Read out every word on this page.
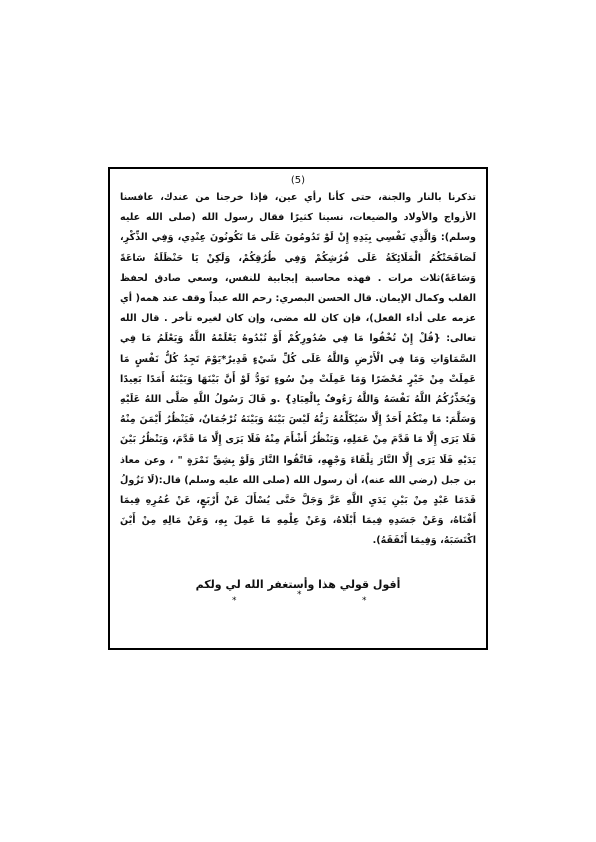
(5)

تذكرنا بالنار والجنة، حتى كأنا رأي عين، فإذا خرجنا من عندك، عافسنا الأزواج والأولاد والضيعات، نسينا كثيرًا فقال رسول الله (صلى الله عليه وسلم): وَالَّذِي نَفْسِي بِيَدِهِ إِنْ لَوْ تَدُومُونَ عَلَى مَا تَكُونُونَ عِنْدِي، وَفِي الذِّكْرِ، لَصَافَحَتْكُمُ الْمَلَائِكَةُ عَلَى فُرُشِكُمْ وَفِي طُرُقِكُمْ، وَلَكِنْ يَا حَنْظَلَةُ سَاعَةً وَسَاعَةً)ثلاث مرات . فهذه محاسبة إيجابية للنفس، وسعي صادق لحفظ القلب وكمال الإيمان. قال الحسن البصري: رحم الله عبداً وقف عند همه( أي عزمه على أداء الفعل)، فإن كان لله مضى، وإن كان لغيره تأخر . قال الله تعالى: {قُلْ إِنْ تُخْفُوا مَا فِي صُدُورِكُمْ أَوْ تُبْدُوهُ يَعْلَمْهُ اللَّهُ وَيَعْلَمُ مَا فِي السَّمَاوَاتِ وَمَا فِي الْأَرْضِ وَاللَّهُ عَلَى كُلِّ شَيْءٍ قَدِيرٌ*يَوْمَ تَجِدُ كُلُّ نَفْسٍ مَا عَمِلَتْ مِنْ خَيْرٍ مُحْضَرًا وَمَا عَمِلَتْ مِنْ سُوءٍ تَوَدُّ لَوْ أَنَّ بَيْنَهَا وَبَيْنَهُ أَمَدًا بَعِيدًا وَيُحَذِّرُكُمُ اللَّهُ نَفْسَهُ وَاللَّهُ رَءُوفٌ بِالْعِبَادِ} .و قَالَ رَسُولُ اللَّهِ صَلَّى اللهُ عَلَيْهِ وَسَلَّمَ: مَا مِنْكُمْ أَحَدٌ إِلَّا سَيُكَلِّمُهُ رَبُّهُ لَيْسَ بَيْنَهُ وَبَيْنَهُ تُرْجُمَانٌ، فَيَنْظُرُ أَيْمَنَ مِنْهُ فَلَا يَرَى إِلَّا مَا قَدَّمَ مِنْ عَمَلِهِ، وَيَنْظُرُ أَشْأَمَ مِنْهُ فَلَا يَرَى إِلَّا مَا قَدَّمَ، وَيَنْظُرُ بَيْنَ يَدَيْهِ فَلَا يَرَى إِلَّا النَّارَ تِلْقَاءَ وَجْهِهِ، فَاتَّقُوا النَّارَ وَلَوْ بِشِقِّ تَمْرَةٍ " ، وعن معاذ بن جبل (رضي الله عنه)، أن رسول الله (صلى الله عليه وسلم) قال:(لَا تَزُولُ قَدَمَا عَبْدٍ مِنْ بَيْنِ يَدَيِ اللَّهِ عَزَّ وَجَلَّ حَتَّى يُسْأَلَ عَنْ أَرْبَعٍ، عَنْ عُمُرِهِ فِيمَا أَفْنَاهُ، وَعَنْ جَسَدِهِ فِيمَا أَبْلَاهُ، وَعَنْ عِلْمِهِ مَا عَمِلَ بِهِ، وَعَنْ مَالِهِ مِنْ أَيْنَ اكْتَسَبَهُ، وَفِيمَا أَنْفَقَهُ).

أقول قولي هذا وأستغفر الله لي ولكم
*
*
*
